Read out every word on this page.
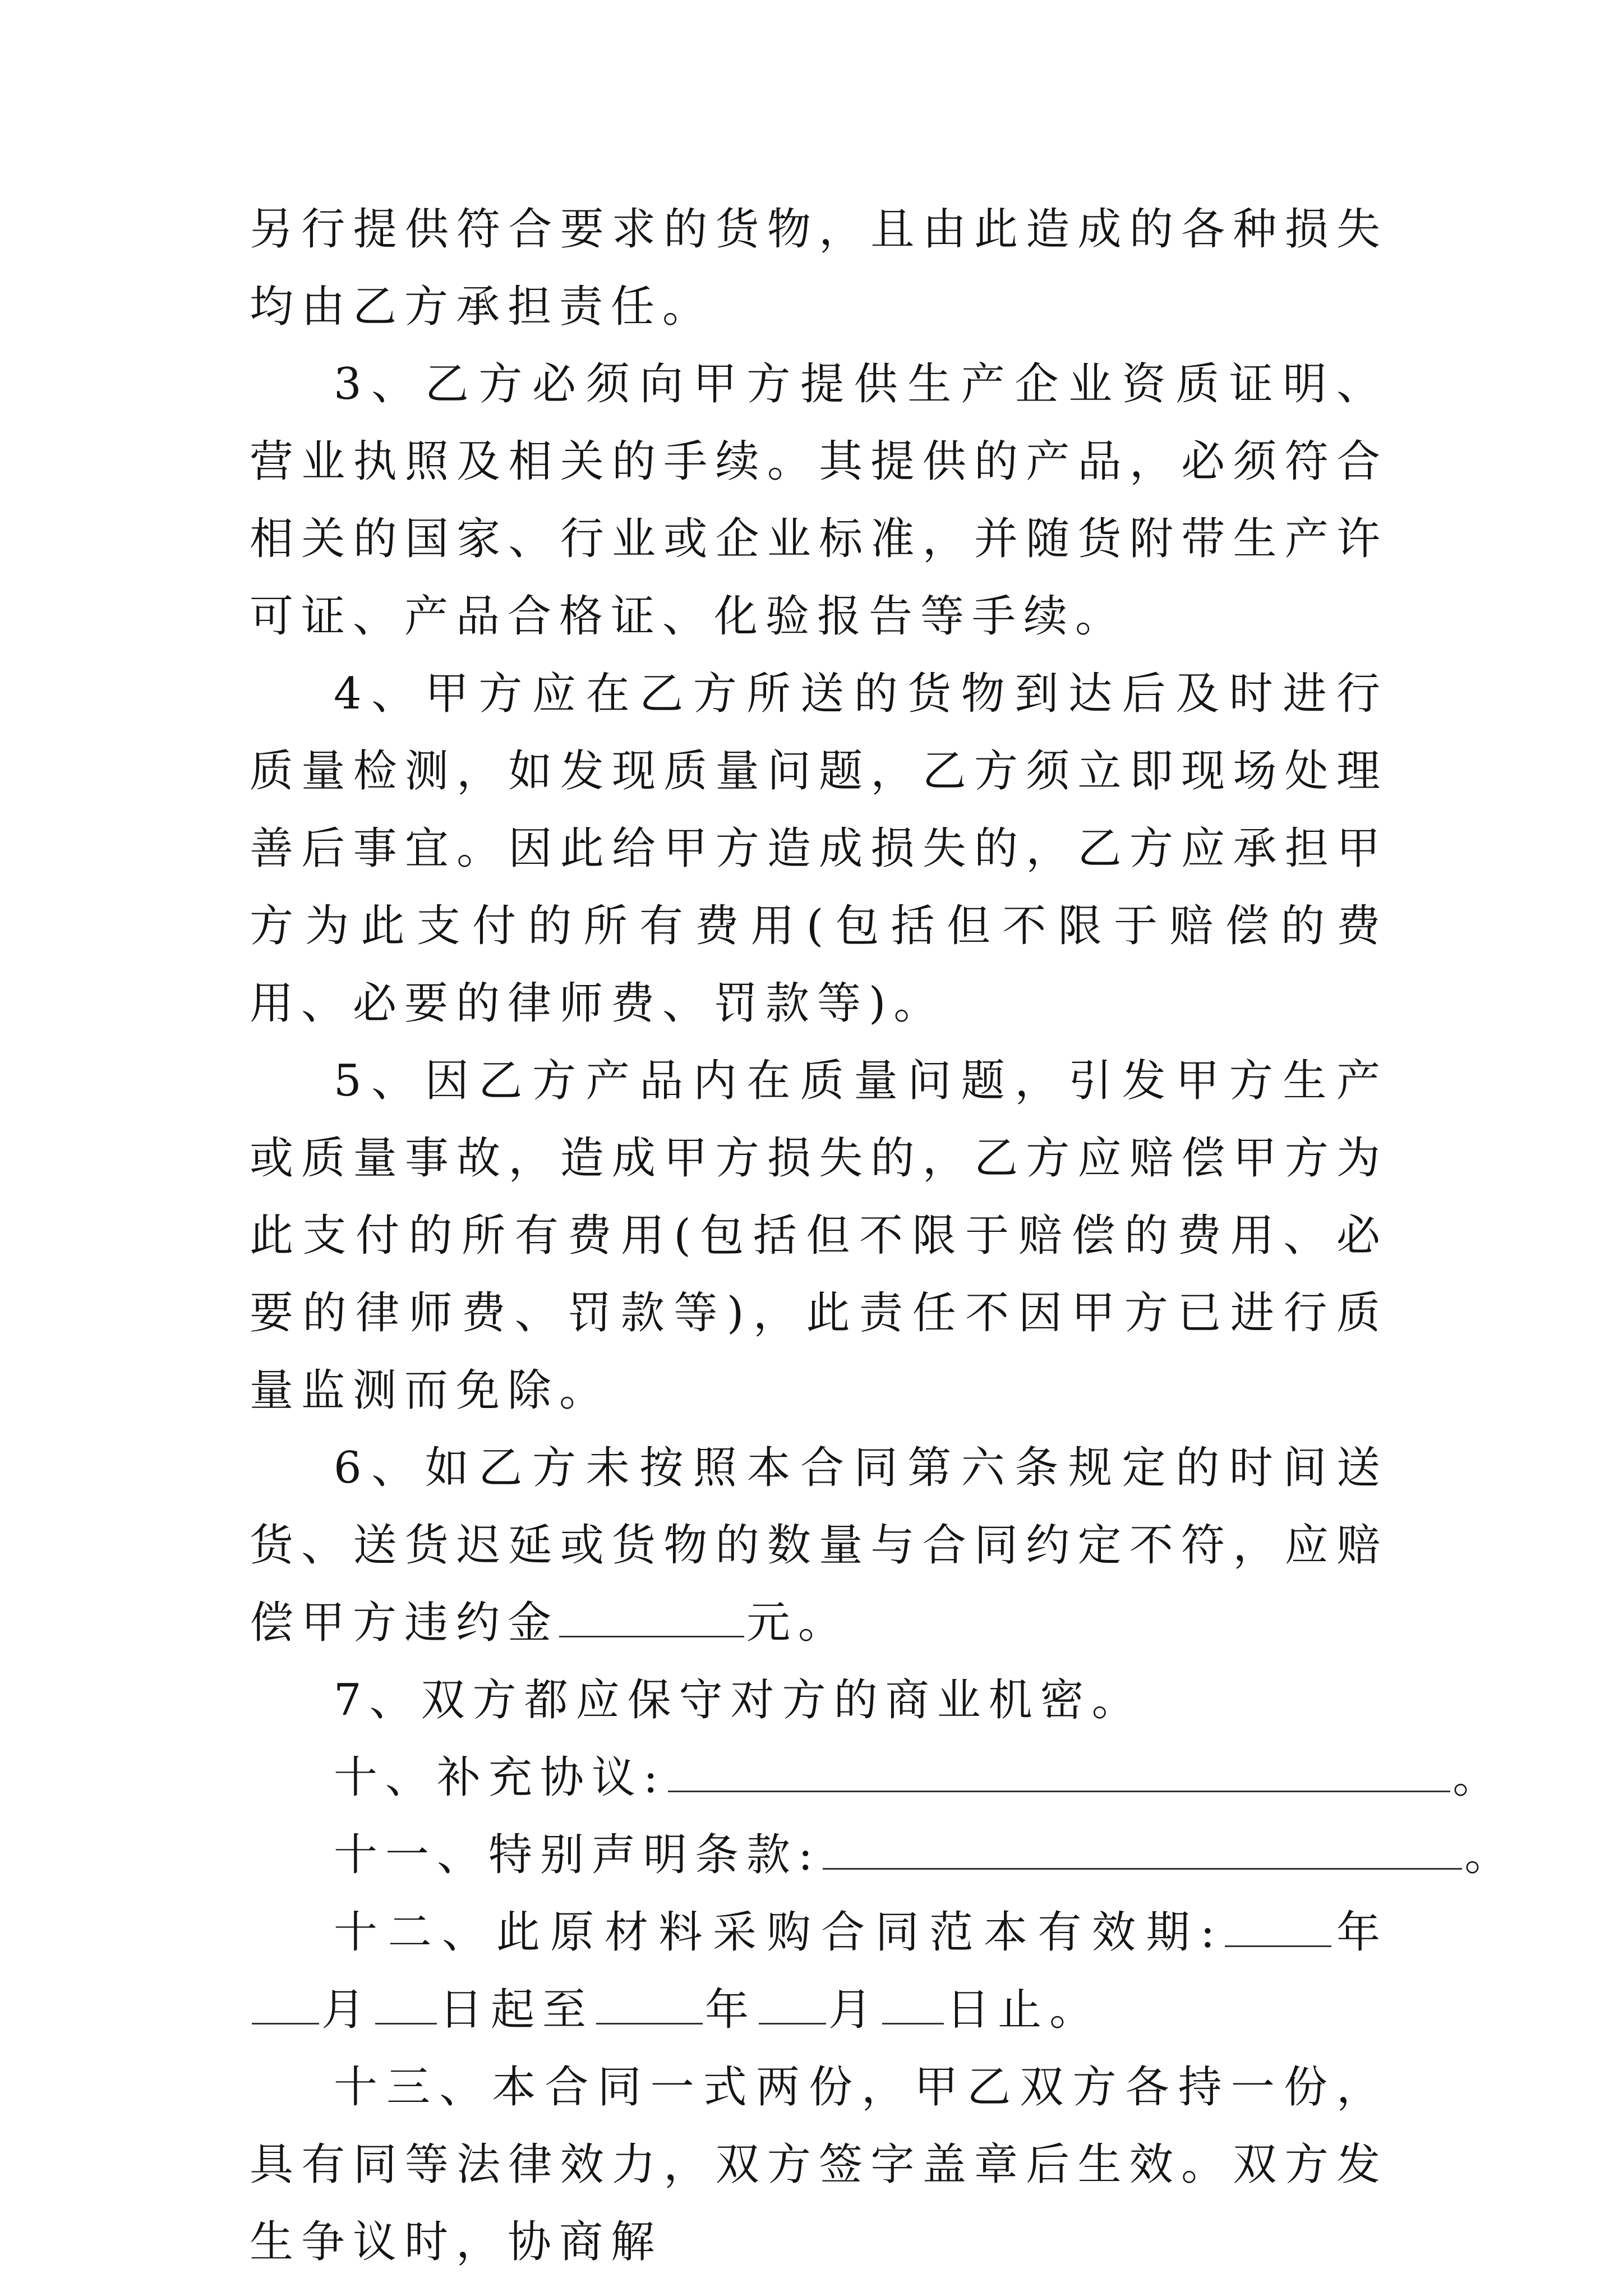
另行提供符合要求的货物，且由此造成的各种损失均由乙方承担责任。

3、乙方必须向甲方提供生产企业资质证明、营业执照及相关的手续。其提供的产品，必须符合相关的国家、行业或企业标准，并随货附带生产许可证、产品合格证、化验报告等手续。

4、甲方应在乙方所送的货物到达后及时进行质量检测，如发现质量问题，乙方须立即现场处理善后事宜。因此给甲方造成损失的，乙方应承担甲方为此支付的所有费用(包括但不限于赔偿的费用、必要的律师费、罚款等)。

5、因乙方产品内在质量问题，引发甲方生产或质量事故，造成甲方损失的，乙方应赔偿甲方为此支付的所有费用(包括但不限于赔偿的费用、必要的律师费、罚款等)，此责任不因甲方已进行质量监测而免除。

6、如乙方未按照本合同第六条规定的时间送货、送货迟延或货物的数量与合同约定不符，应赔偿甲方违约金	元。

7、双方都应保守对方的商业机密。

十、补充协议:	。

十一、特别声明条款:	。

十二、此原材料采购合同范本有效期:	年月 日起至	年 月 日止。

十三、本合同一式两份，甲乙双方各持一份，具有同等法律效力，双方签字盖章后生效。双方发生争议时，协商解
